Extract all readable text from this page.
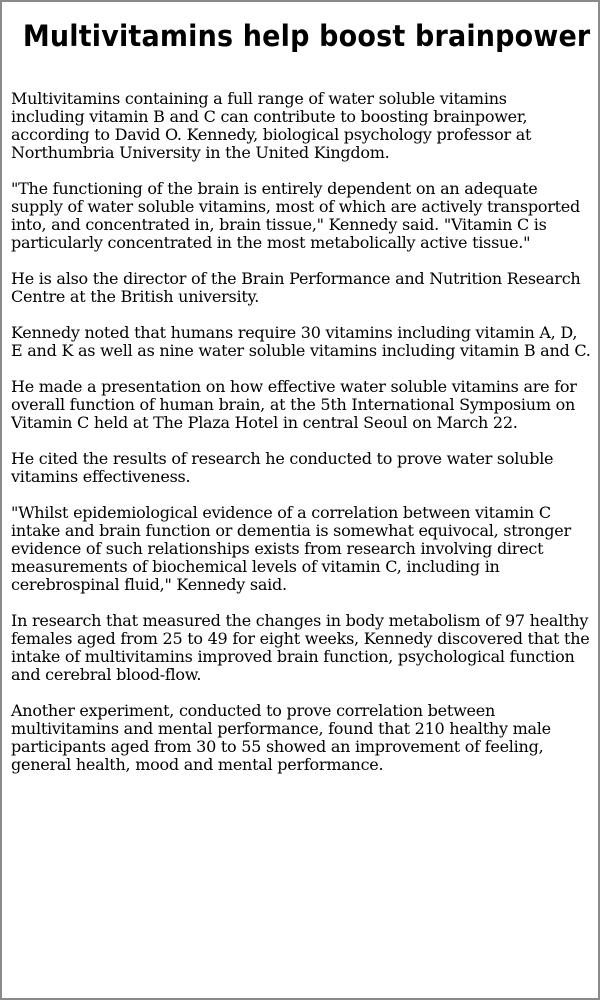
Multivitamins help boost brainpower

Multivitamins containing a full range of water soluble vitamins
including vitamin B and C can contribute to boosting brainpower,
according to David O. Kennedy, biological psychology professor at
Northumbria University in the United Kingdom.

"The functioning of the brain is entirely dependent on an adequate
supply of water soluble vitamins, most of which are actively transported
into, and concentrated in, brain tissue," Kennedy said. "Vitamin C is
particularly concentrated in the most metabolically active tissue."

He is also the director of the Brain Performance and Nutrition Research
Centre at the British university.

Kennedy noted that humans require 30 vitamins including vitamin A, D,
E and K as well as nine water soluble vitamins including vitamin B and C.

He made a presentation on how effective water soluble vitamins are for
overall function of human brain, at the 5th International Symposium on
Vitamin C held at The Plaza Hotel in central Seoul on March 22.

He cited the results of research he conducted to prove water soluble
vitamins effectiveness.

"Whilst epidemiological evidence of a correlation between vitamin C
intake and brain function or dementia is somewhat equivocal, stronger
evidence of such relationships exists from research involving direct
measurements of biochemical levels of vitamin C, including in
cerebrospinal fluid," Kennedy said.

In research that measured the changes in body metabolism of 97 healthy
females aged from 25 to 49 for eight weeks, Kennedy discovered that the
intake of multivitamins improved brain function, psychological function
and cerebral blood-flow.

Another experiment, conducted to prove correlation between
multivitamins and mental performance, found that 210 healthy male
participants aged from 30 to 55 showed an improvement of feeling,
general health, mood and mental performance.
